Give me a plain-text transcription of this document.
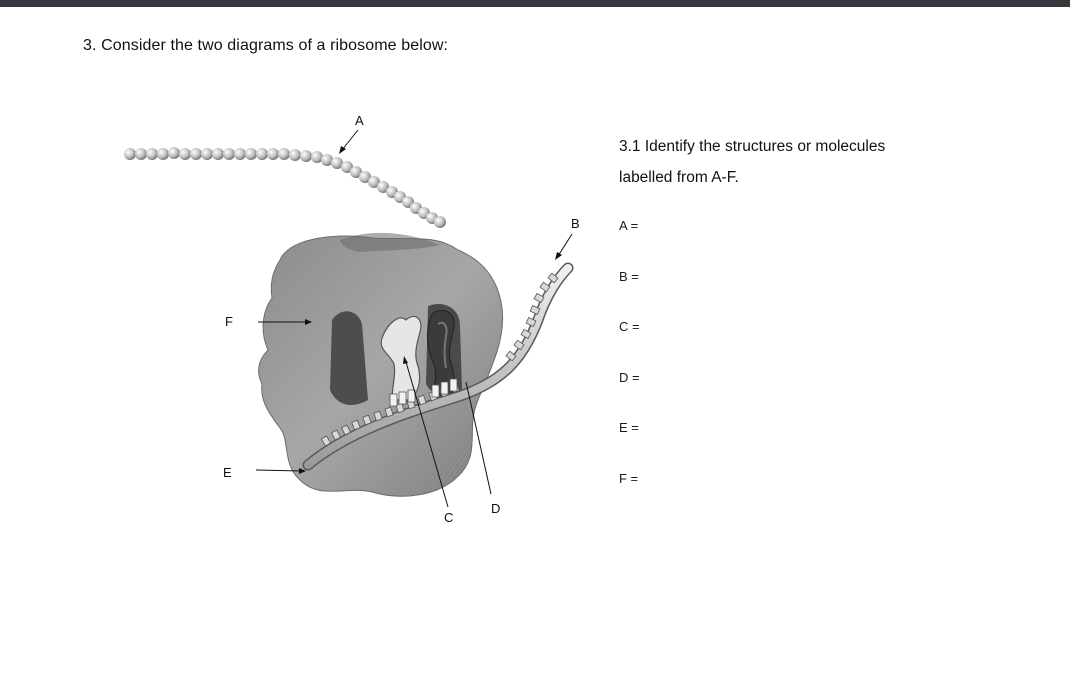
3. Consider the two diagrams of a ribosome below:
A
B
C
D
E
F
3.1 Identify the structures or molecules
labelled from A-F.
A =
B =
C =
D =
E =
F =
